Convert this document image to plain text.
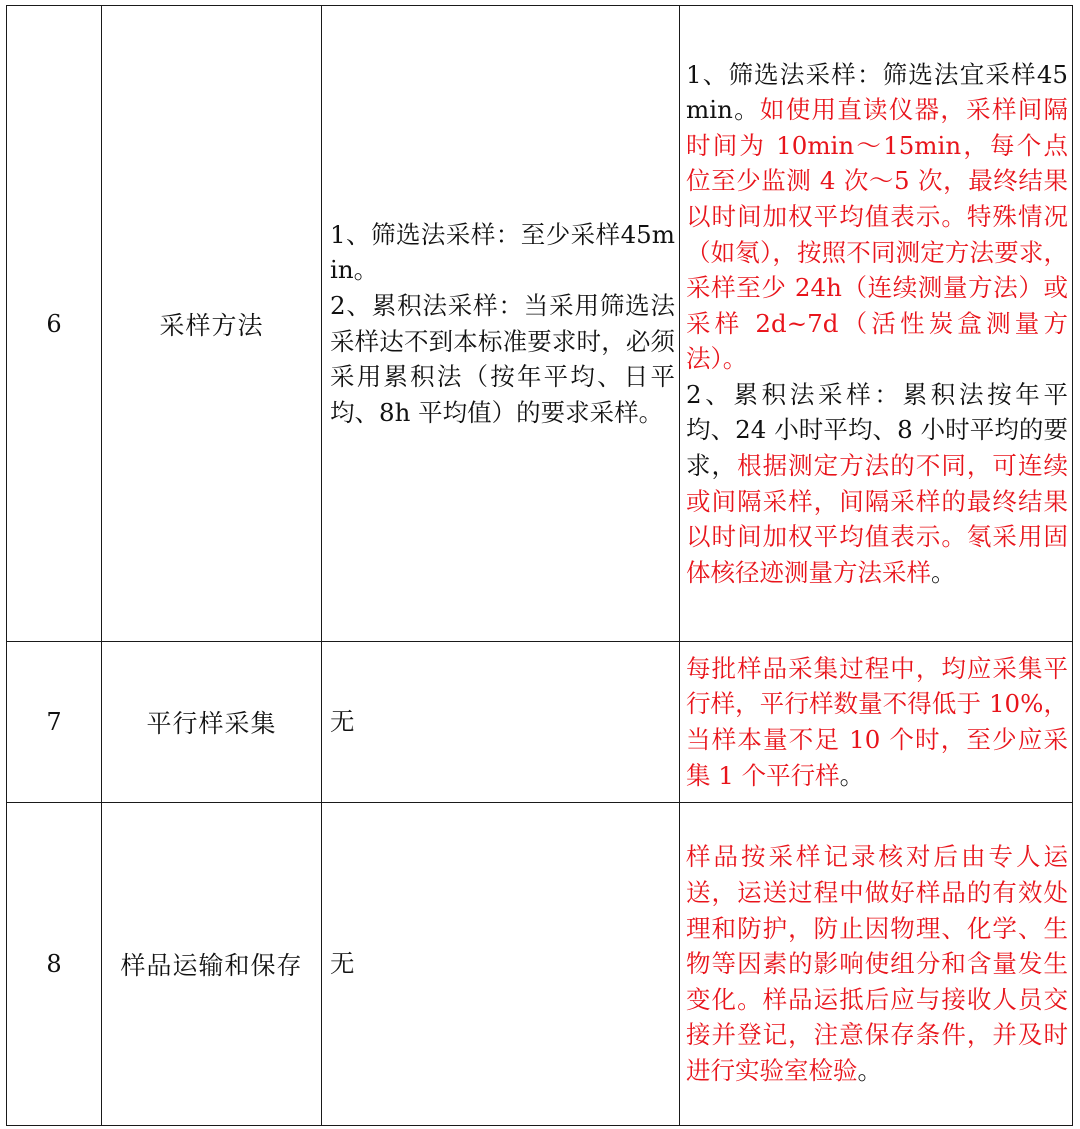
6	采样方法	1、筛选法采样：至少采样45min。
2、累积法采样：当采用筛选法采样达不到本标准要求时，必须采用累积法（按年平均、日平均、8h 平均值）的要求采样。	1、筛选法采样：筛选法宜采样45min。如使用直读仪器，采样间隔时间为 10min～15min，每个点位至少监测 4 次～5 次，最终结果以时间加权平均值表示。特殊情况（如氡），按照不同测定方法要求，采样至少 24h（连续测量方法）或采样 2d~7d（活性炭盒测量方法）。
2、累积法采样：累积法按年平均、24 小时平均、8 小时平均的要求，根据测定方法的不同，可连续或间隔采样，间隔采样的最终结果以时间加权平均值表示。氡采用固体核径迹测量方法采样。

7	平行样采集	无	每批样品采集过程中，均应采集平行样，平行样数量不得低于 10%，当样本量不足 10 个时，至少应采集 1 个平行样。

8	样品运输和保存	无	样品按采样记录核对后由专人运送，运送过程中做好样品的有效处理和防护，防止因物理、化学、生物等因素的影响使组分和含量发生变化。样品运抵后应与接收人员交接并登记，注意保存条件，并及时进行实验室检验。
